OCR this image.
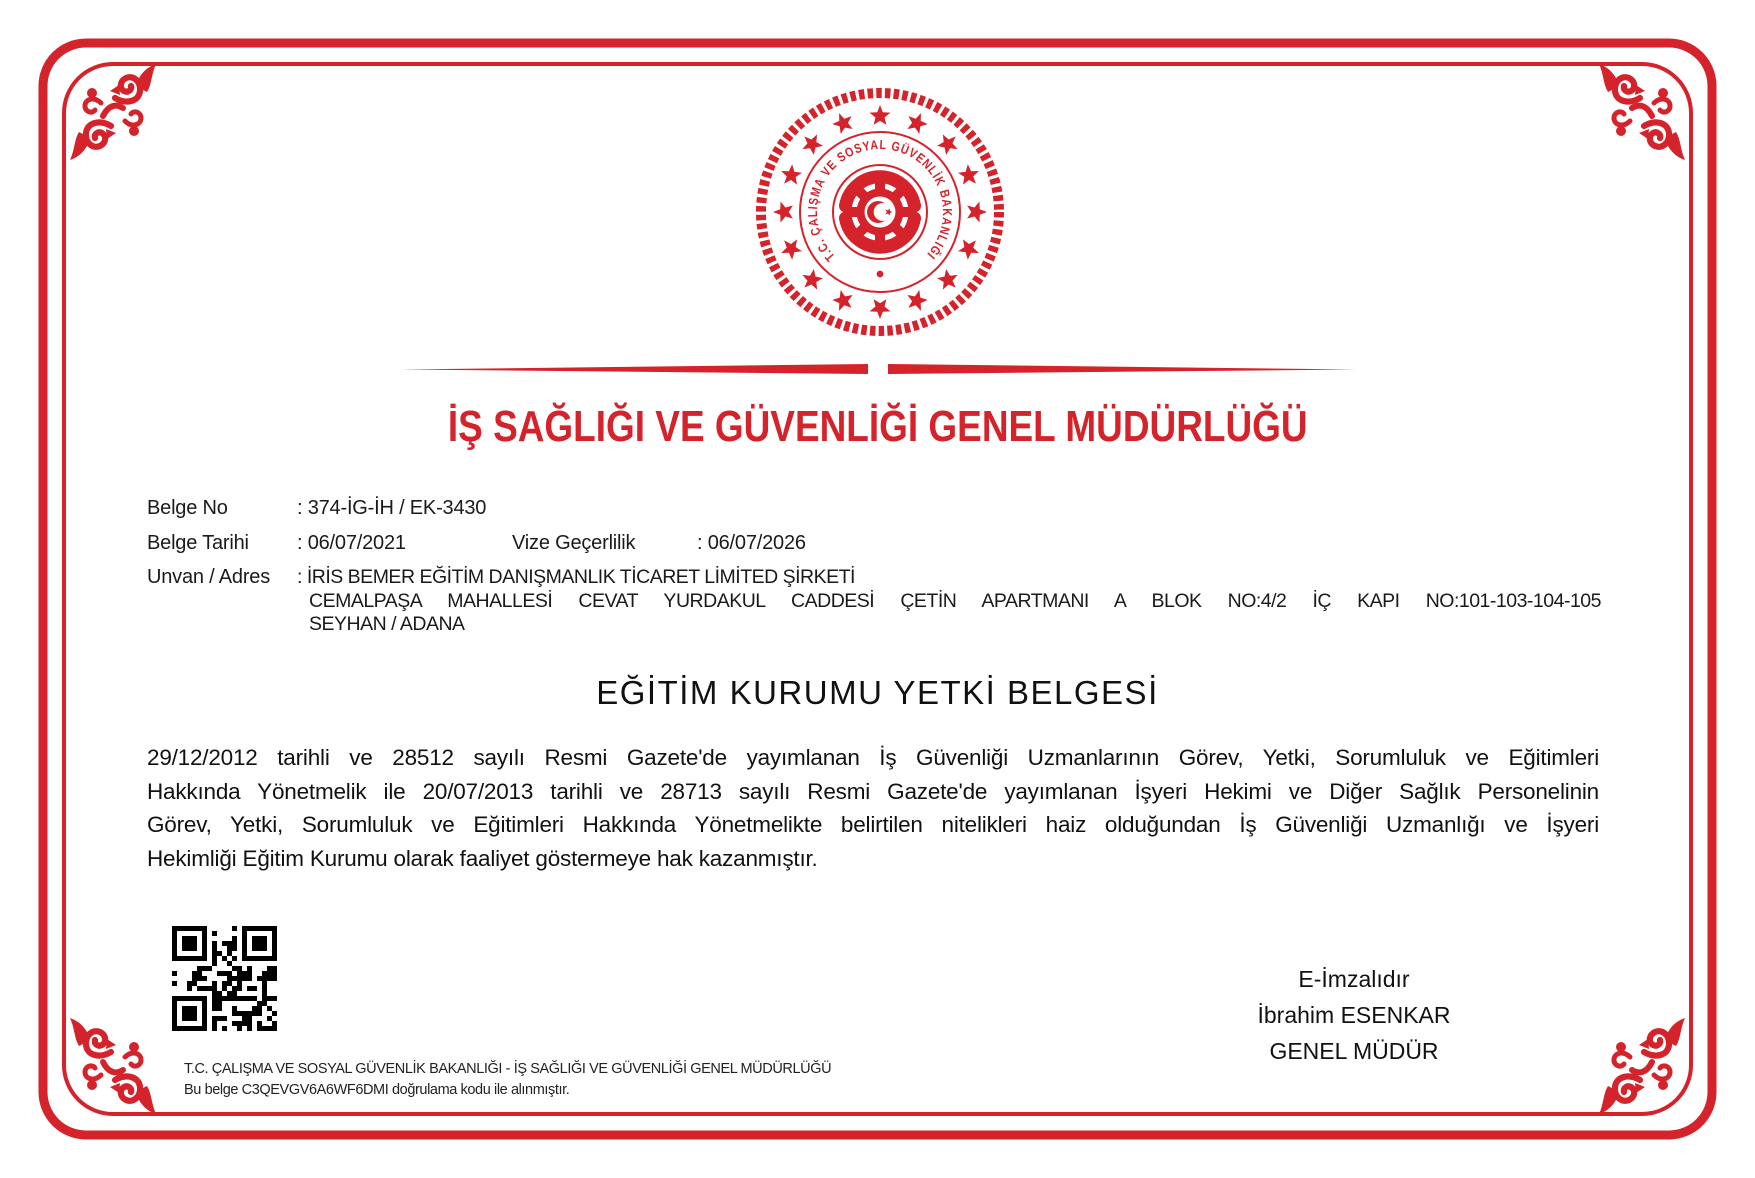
T.C. ÇALIŞMA VE SOSYAL GÜVENLİK BAKANLIĞI
İŞ SAĞLIĞI VE GÜVENLİĞİ GENEL MÜDÜRLÜĞÜ
Belge No	: 374-İG-İH / EK-3430
Belge Tarihi : 06/07/2021	Vize Geçerlilik	: 06/07/2026
Unvan / Adres : İRİS BEMER EĞİTİM DANIŞMANLIK TİCARET LİMİTED ŞİRKETİ
CEMALPAŞA MAHALLESİ CEVAT YURDAKUL CADDESİ ÇETİN APARTMANI A BLOK NO:4/2 İÇ KAPI NO:101-103-104-105
SEYHAN / ADANA
EĞİTİM KURUMU YETKİ BELGESİ
29/12/2012 tarihli ve 28512 sayılı Resmi Gazete'de yayımlanan İş Güvenliği Uzmanlarının Görev, Yetki, Sorumluluk ve Eğitimleri
Hakkında Yönetmelik ile 20/07/2013 tarihli ve 28713 sayılı Resmi Gazete'de yayımlanan İşyeri Hekimi ve Diğer Sağlık Personelinin
Görev, Yetki, Sorumluluk ve Eğitimleri Hakkında Yönetmelikte belirtilen nitelikleri haiz olduğundan İş Güvenliği Uzmanlığı ve İşyeri
Hekimliği Eğitim Kurumu olarak faaliyet göstermeye hak kazanmıştır.
T.C. ÇALIŞMA VE SOSYAL GÜVENLİK BAKANLIĞI - İŞ SAĞLIĞI VE GÜVENLİĞİ GENEL MÜDÜRLÜĞÜ
Bu belge C3QEVGV6A6WF6DMI doğrulama kodu ile alınmıştır.
E-İmzalıdır
İbrahim ESENKAR
GENEL MÜDÜR
